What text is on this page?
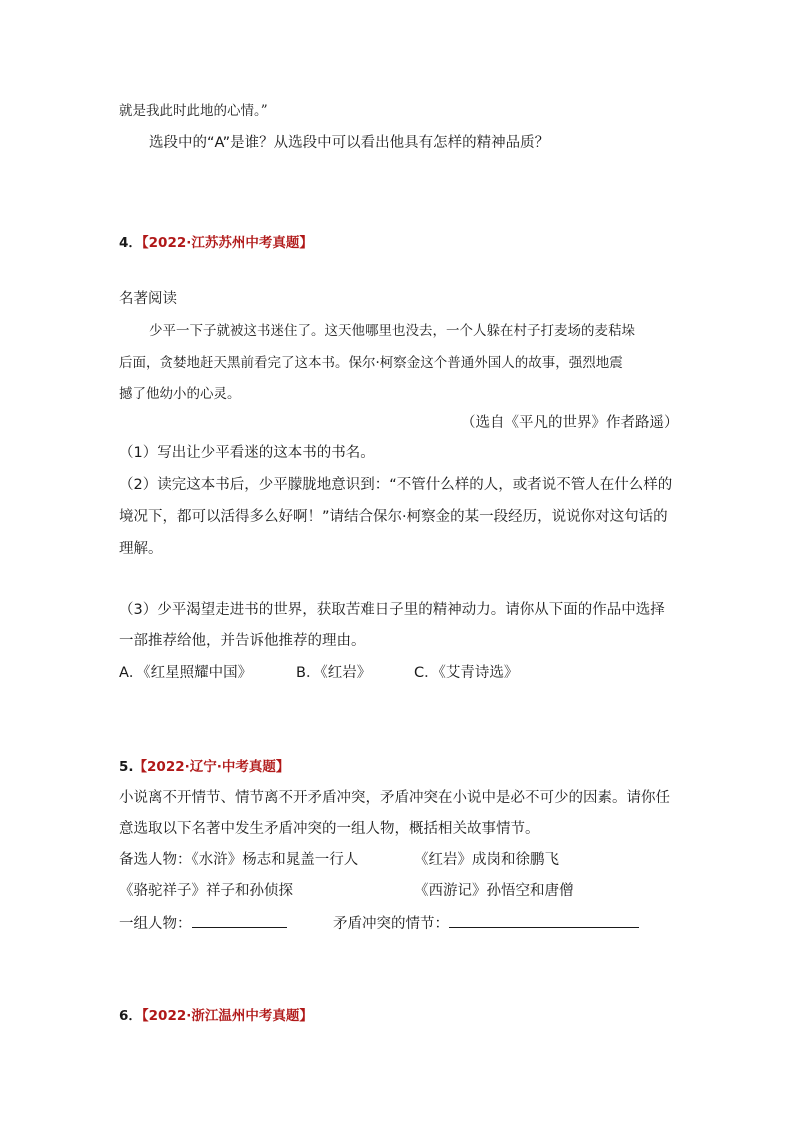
就是我此时此地的心情。”
选段中的“A”是谁？从选段中可以看出他具有怎样的精神品质？
4．【2022·江苏苏州中考真题】
名著阅读
少平一下子就被这书迷住了。这天他哪里也没去，一个人躲在村子打麦场的麦秸垛
后面，贪婪地赶天黑前看完了这本书。保尔·柯察金这个普通外国人的故事，强烈地震
撼了他幼小的心灵。
（选自《平凡的世界》作者路遥）
（1）写出让少平看迷的这本书的书名。
（2）读完这本书后，少平朦胧地意识到：“不管什么样的人，或者说不管人在什么样的
境况下，都可以活得多么好啊！”请结合保尔·柯察金的某一段经历，说说你对这句话的
理解。
（3）少平渴望走进书的世界，获取苦难日子里的精神动力。请你从下面的作品中选择
一部推荐给他，并告诉他推荐的理由。
A．《红星照耀中国》	B．《红岩》	C．《艾青诗选》
5.【2022·辽宁·中考真题】
小说离不开情节、情节离不开矛盾冲突，矛盾冲突在小说中是必不可少的因素。请你任
意选取以下名著中发生矛盾冲突的一组人物，概括相关故事情节。
备选人物：《水浒》杨志和晁盖一行人	《红岩》成岗和徐鹏飞
《骆驼祥子》祥子和孙侦探	《西游记》孙悟空和唐僧
一组人物：	矛盾冲突的情节：
6．【2022·浙江温州中考真题】
